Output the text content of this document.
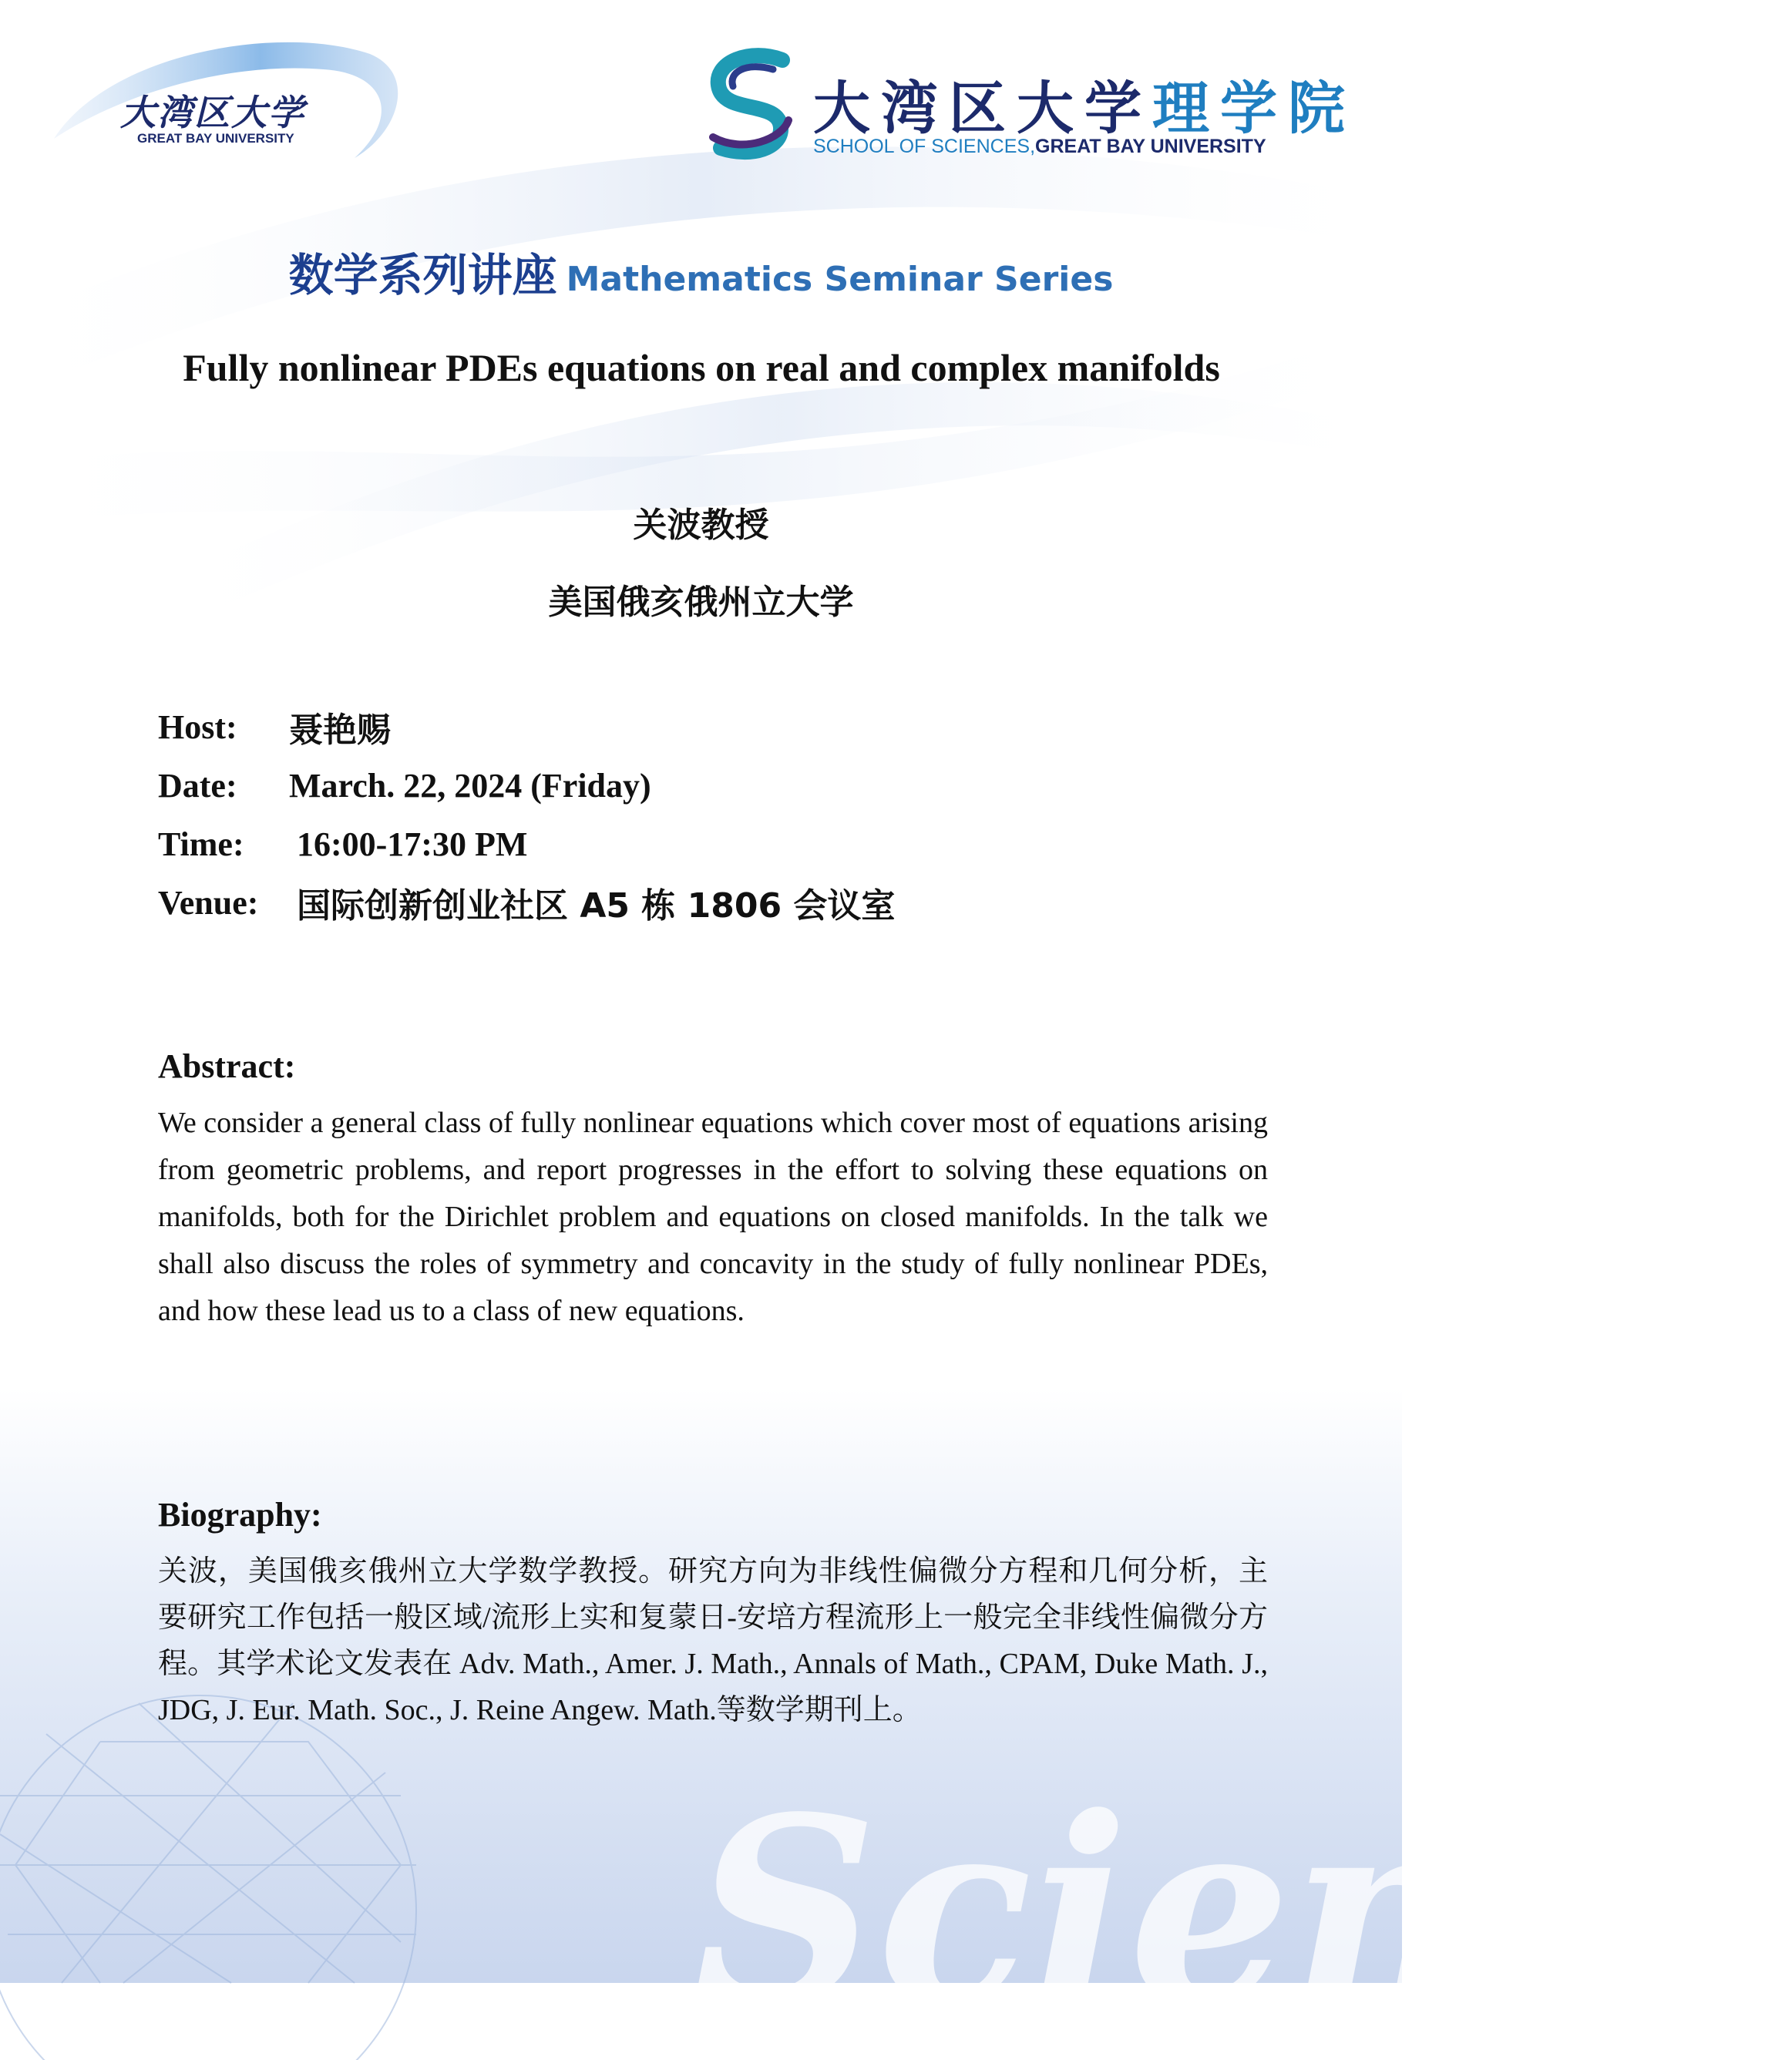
大湾区大学
GREAT BAY UNIVERSITY	大湾区大学理学院
SCHOOL OF SCIENCES,GREAT BAY UNIVERSITY
数学系列讲座 Mathematics Seminar Series
Fully nonlinear PDEs equations on real and complex manifolds
关波教授
美国俄亥俄州立大学
Host:	聂艳赐
Date:	March. 22, 2024 (Friday)
Time:	16:00-17:30 PM
Venue:	国际创新创业社区 A5 栋 1806 会议室
Abstract:
We consider a general class of fully nonlinear equations which cover most of equations arising from geometric problems, and report progresses in the effort to solving these equations on manifolds, both for the Dirichlet problem and equations on closed manifolds. In the talk we shall also discuss the roles of symmetry and concavity in the study of fully nonlinear PDEs, and how these lead us to a class of new equations.
Biography:
关波，美国俄亥俄州立大学数学教授。研究方向为非线性偏微分方程和几何分析，主要研究工作包括一般区域/流形上实和复蒙日-安培方程流形上一般完全非线性偏微分方程。其学术论文发表在 Adv. Math., Amer. J. Math., Annals of Math., CPAM, Duke Math. J., JDG, J. Eur. Math. Soc., J. Reine Angew. Math.等数学期刊上。
Science
